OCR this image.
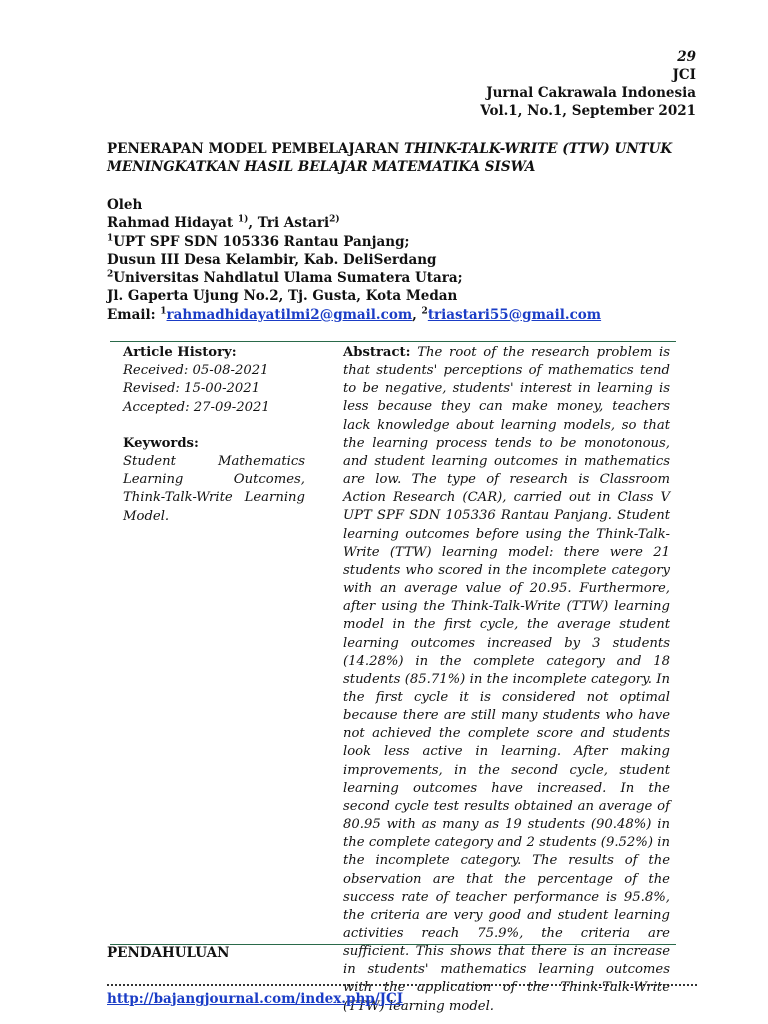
29
JCI
Jurnal Cakrawala Indonesia
Vol.1, No.1, September 2021
PENERAPAN MODEL PEMBELAJARAN THINK-TALK-WRITE (TTW) UNTUK MENINGKATKAN HASIL BELAJAR MATEMATIKA SISWA
Oleh
Rahmad Hidayat $^{1)}$, Tri Astari$^{2)}$
$^1$UPT SPF SDN 105336 Rantau Panjang;
Dusun III Desa Kelambir, Kab. DeliSerdang
$^2$Universitas Nahdlatul Ulama Sumatera Utara;
Jl. Gaperta Ujung No.2, Tj. Gusta, Kota Medan
Email: $^1$rahmadhidayatilmi2@gmail.com, $^2$triastari55@gmail.com
Article History:
Received: 05-08-2021
Revised: 15-00-2021
Accepted: 27-09-2021
Keywords:
Student Mathematics Learning Outcomes, Think-Talk-Write Learning Model.
Abstract: The root of the research problem is that students' perceptions of mathematics tend to be negative, students' interest in learning is less because they can make money, teachers lack knowledge about learning models, so that the learning process tends to be monotonous, and student learning outcomes in mathematics are low. The type of research is Classroom Action Research (CAR), carried out in Class V UPT SPF SDN 105336 Rantau Panjang. Student learning outcomes before using the Think-Talk-Write (TTW) learning model: there were 21 students who scored in the incomplete category with an average value of 20.95. Furthermore, after using the Think-Talk-Write (TTW) learning model in the first cycle, the average student learning outcomes increased by 3 students (14.28%) in the complete category and 18 students (85.71%) in the incomplete category. In the first cycle it is considered not optimal because there are still many students who have not achieved the complete score and students look less active in learning. After making improvements, in the second cycle, student learning outcomes have increased. In the second cycle test results obtained an average of 80.95 with as many as 19 students (90.48%) in the complete category and 2 students (9.52%) in the incomplete category. The results of the observation are that the percentage of the success rate of teacher performance is 95.8%, the criteria are very good and student learning activities reach 75.9%, the criteria are sufficient. This shows that there is an increase in students' mathematics learning outcomes with the application of the Think-Talk-Write (TTW) learning model.
PENDAHULUAN
http://bajangjournal.com/index.php/JCI
